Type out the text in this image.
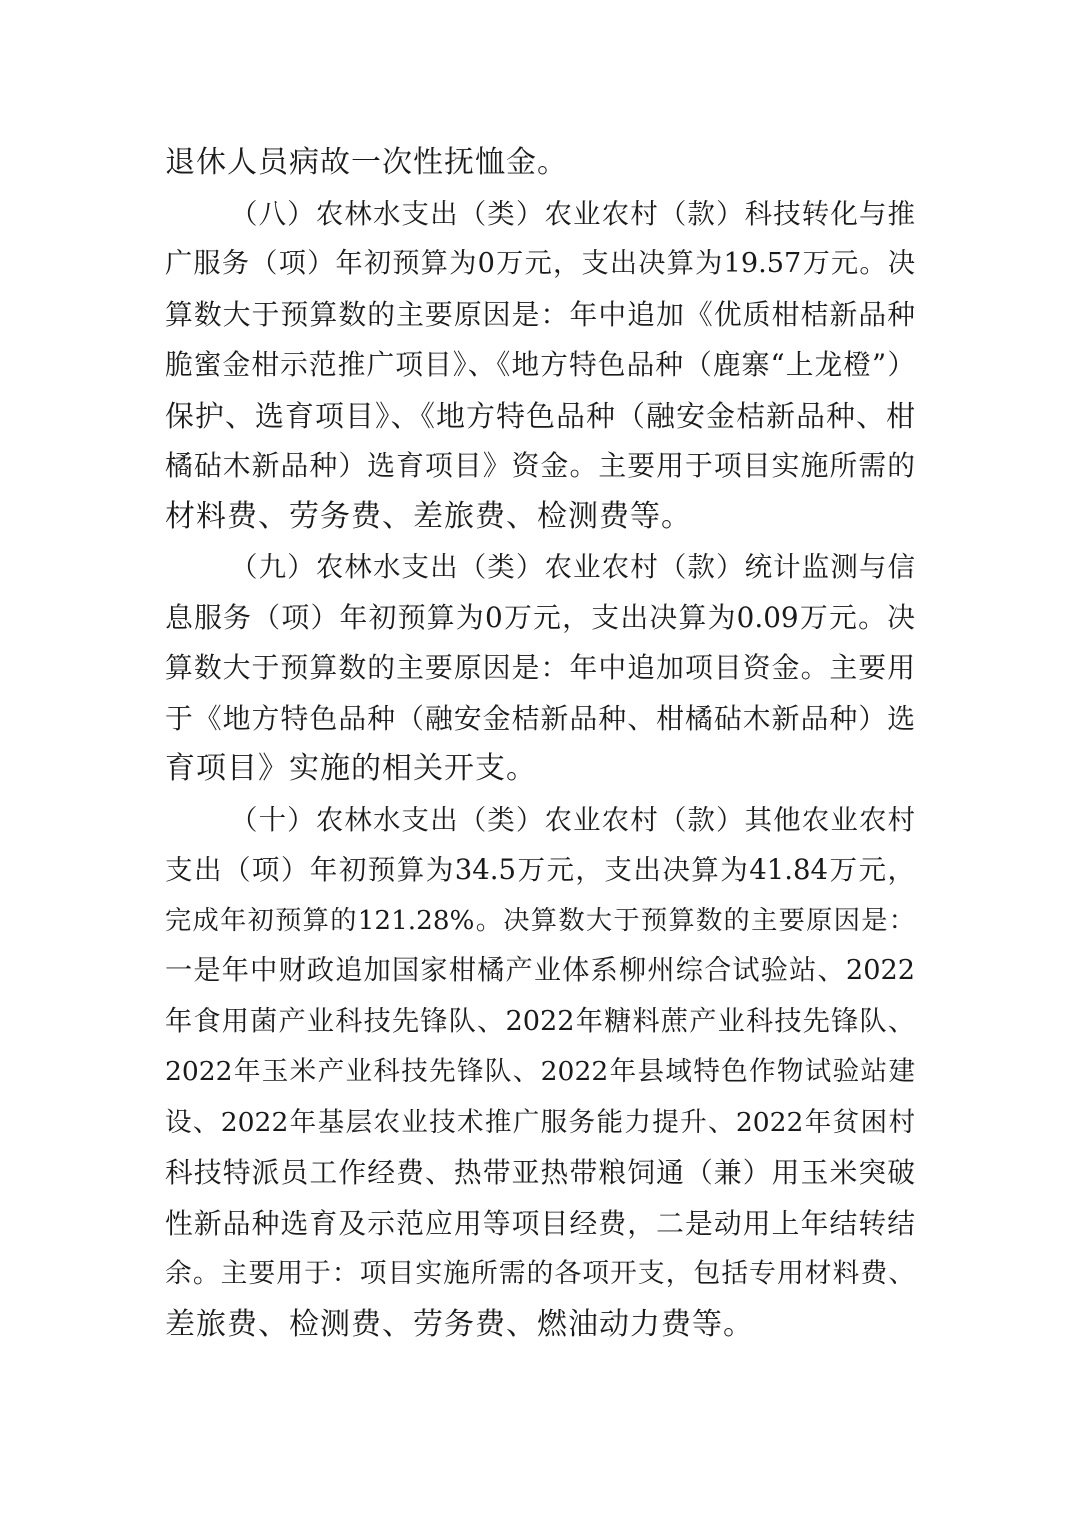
退休人员病故一次性抚恤金。
（八）农林水支出（类）农业农村（款）科技转化与推
广服务（项）年初预算为0万元，支出决算为19.57万元。决
算数大于预算数的主要原因是：年中追加《优质柑桔新品种
脆蜜金柑示范推广项目》、《地方特色品种（鹿寨“上龙橙”）
保护、选育项目》、《地方特色品种（融安金桔新品种、柑
橘砧木新品种）选育项目》资金。主要用于项目实施所需的
材料费、劳务费、差旅费、检测费等。
（九）农林水支出（类）农业农村（款）统计监测与信
息服务（项）年初预算为0万元，支出决算为0.09万元。决
算数大于预算数的主要原因是：年中追加项目资金。主要用
于《地方特色品种（融安金桔新品种、柑橘砧木新品种）选
育项目》实施的相关开支。
（十）农林水支出（类）农业农村（款）其他农业农村
支出（项）年初预算为34.5万元，支出决算为41.84万元，
完成年初预算的121.28%。决算数大于预算数的主要原因是：
一是年中财政追加国家柑橘产业体系柳州综合试验站、2022
年食用菌产业科技先锋队、2022年糖料蔗产业科技先锋队、
2022年玉米产业科技先锋队、2022年县域特色作物试验站建
设、2022年基层农业技术推广服务能力提升、2022年贫困村
科技特派员工作经费、热带亚热带粮饲通（兼）用玉米突破
性新品种选育及示范应用等项目经费，二是动用上年结转结
余。主要用于：项目实施所需的各项开支，包括专用材料费、
差旅费、检测费、劳务费、燃油动力费等。
